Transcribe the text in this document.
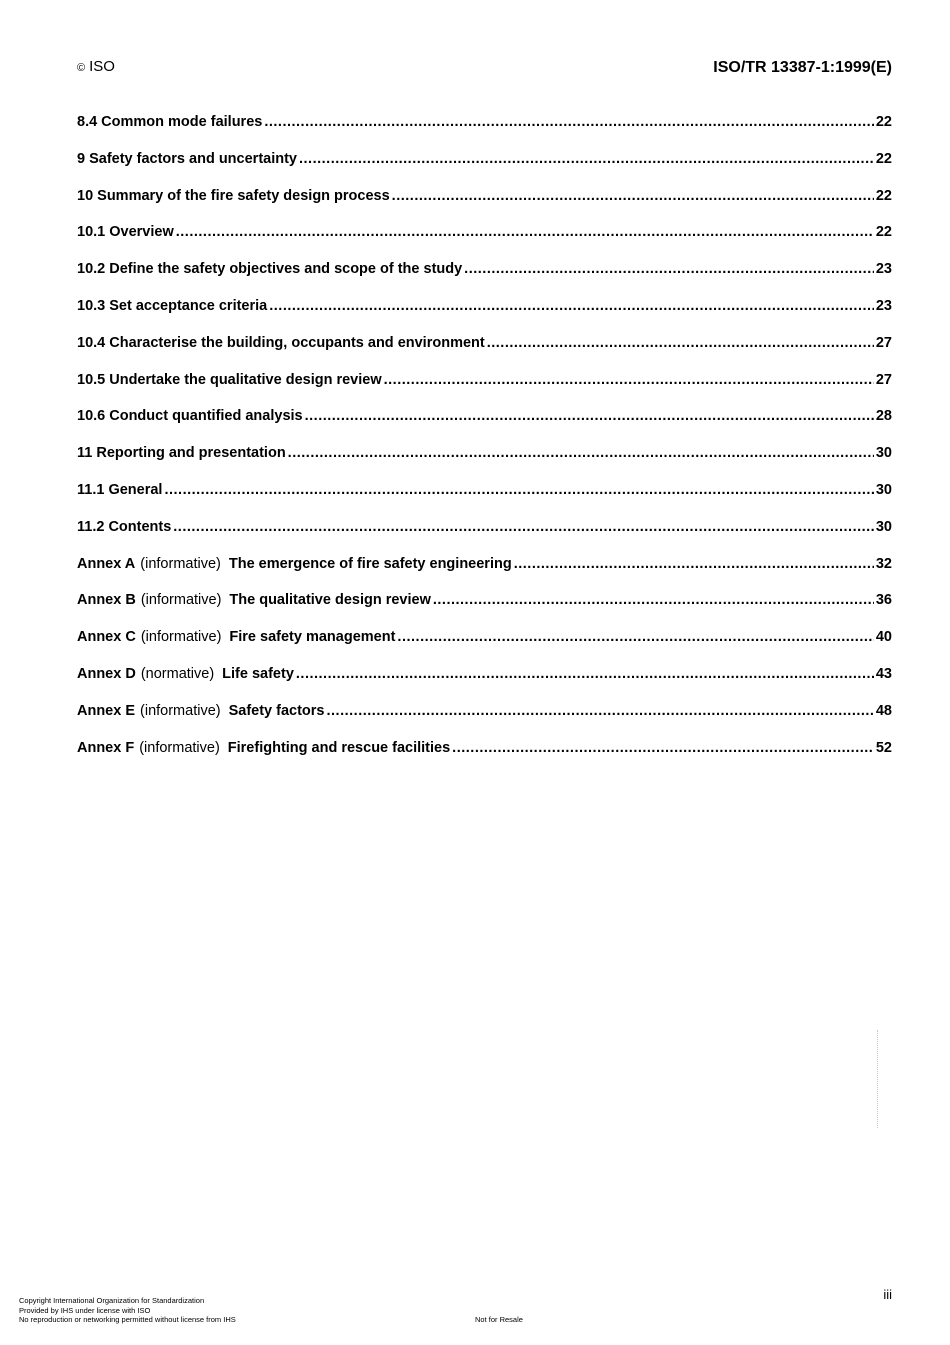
© ISO	ISO/TR 13387-1:1999(E)
8.4 Common mode failures .....	22
9 Safety factors and uncertainty .....	22
10 Summary of the fire safety design process .....	22
10.1 Overview .....	22
10.2 Define the safety objectives and scope of the study .....	23
10.3 Set acceptance criteria .....	23
10.4 Characterise the building, occupants and environment .....	27
10.5 Undertake the qualitative design review .....	27
10.6 Conduct quantified analysis .....	28
11 Reporting and presentation .....	30
11.1 General .....	30
11.2 Contents .....	30
Annex A (informative) The emergence of fire safety engineering .....	32
Annex B (informative) The qualitative design review .....	36
Annex C (informative) Fire safety management .....	40
Annex D (normative) Life safety .....	43
Annex E (informative) Safety factors .....	48
Annex F (informative) Firefighting and rescue facilities .....	52
iii
Copyright International Organization for Standardization
Provided by IHS under license with ISO
No reproduction or networking permitted without license from IHS	Not for Resale
